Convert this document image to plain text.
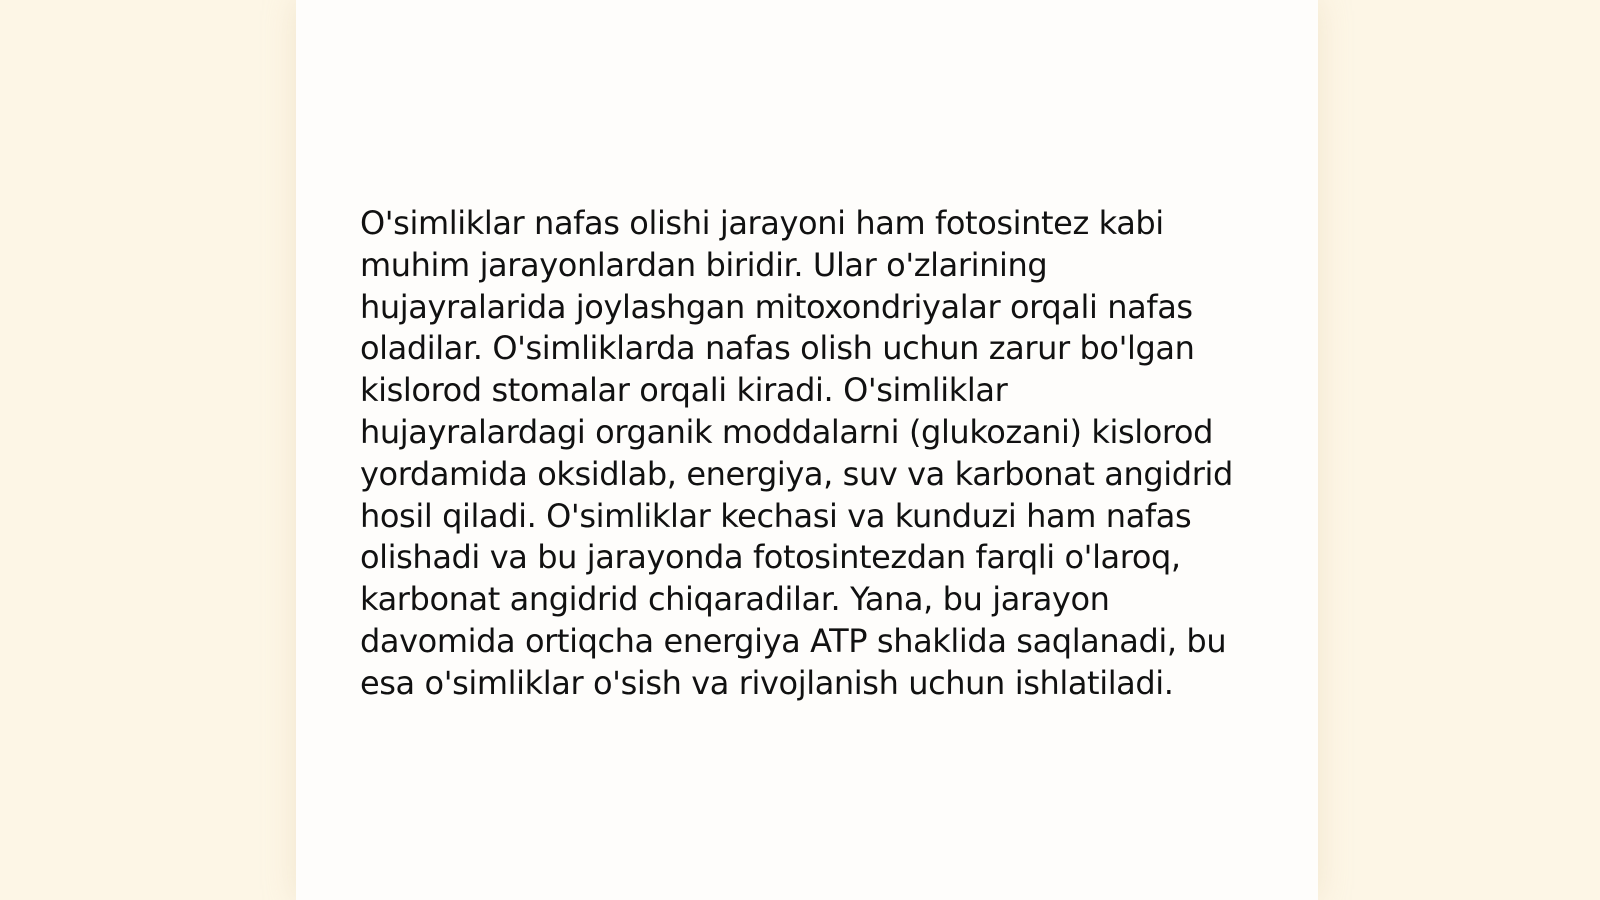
O'simliklar nafas olishi jarayoni ham fotosintez kabi muhim jarayonlardan biridir. Ular o'zlarining hujayralarida joylashgan mitoxondriyalar orqali nafas oladilar. O'simliklarda nafas olish uchun zarur bo'lgan kislorod stomalar orqali kiradi. O'simliklar hujayralardagi organik moddalarni (glukozani) kislorod yordamida oksidlab, energiya, suv va karbonat angidrid hosil qiladi. O'simliklar kechasi va kunduzi ham nafas olishadi va bu jarayonda fotosintezdan farqli o'laroq, karbonat angidrid chiqaradilar. Yana, bu jarayon davomida ortiqcha energiya ATP shaklida saqlanadi, bu esa o'simliklar o'sish va rivojlanish uchun ishlatiladi.
